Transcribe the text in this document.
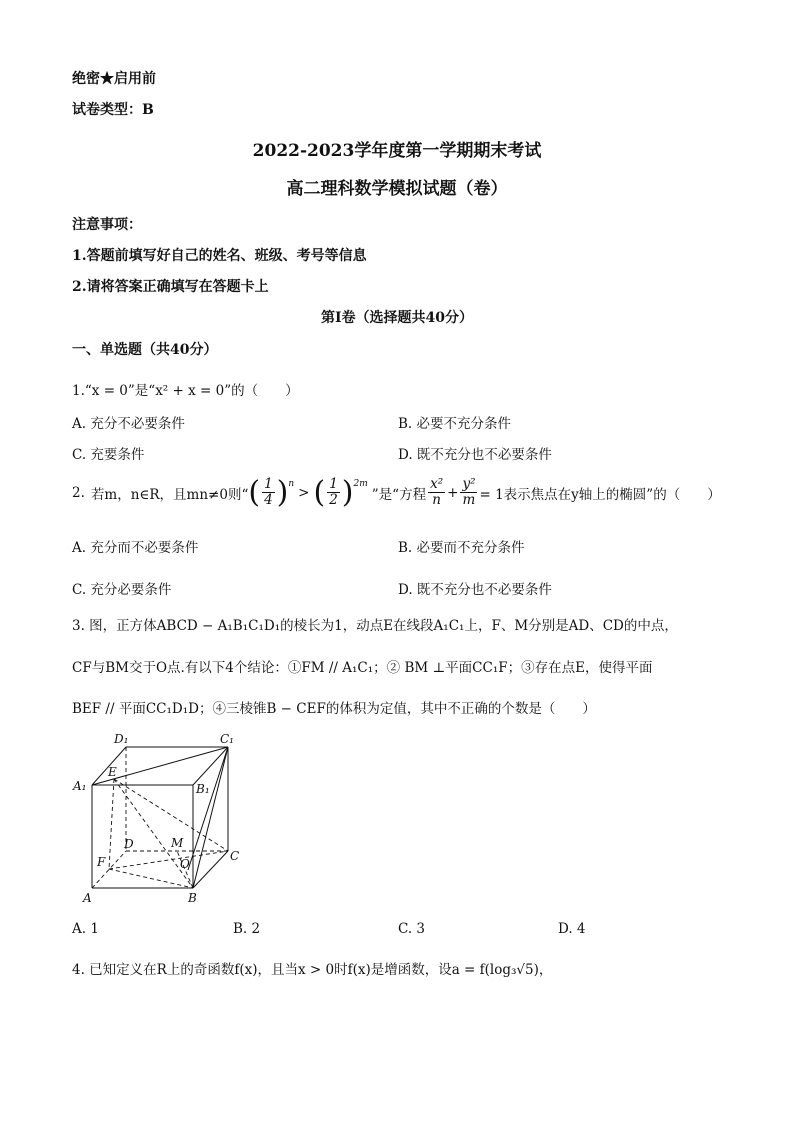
绝密★启用前
试卷类型：B
2022-2023学年度第一学期期末考试
高二理科数学模拟试题（卷）
注意事项：
1.答题前填写好自己的姓名、班级、考号等信息
2.请将答案正确填写在答题卡上
第I卷（选择题共40分）
一、单选题（共40分）
1.“x = 0”是“x² + x = 0”的（　　）
A. 充分不必要条件	B. 必要不充分条件
C. 充要条件	D. 既不充分也不必要条件
2. 若m，n∈R，且mn≠0则“ ( $\frac{1}{4} )^n$
> ( $\frac{1}{2} )^{2m}$
”是“方程 $\frac{\text{x²}}{n} + \frac{\text{y²}}{m} = 1$表示焦点在y轴上的椭圆”的（　　）
A. 充分而不必要条件	B. 必要而不充分条件
C. 充分必要条件	D. 既不充分也不必要条件
3. 图，正方体ABCD − A₁B₁C₁D₁的棱长为1，动点E在线段A₁C₁上，F、M分别是AD、CD的中点，
CF与BM交于O点.有以下4个结论：①FM // A₁C₁；② BM ⊥平面CC₁F；③存在点E，使得平面
BEF // 平面CC₁D₁D；④三棱锥B − CEF的体积为定值，其中不正确的个数是（　　）
D₁	C₁
A₁	B₁
E
D	M
C
F	O
A	B
A. 1	B. 2	C. 3	D. 4
4. 已知定义在R上的奇函数f(x)，且当x > 0时f(x)是增函数，设a = f(log₃√5)，
